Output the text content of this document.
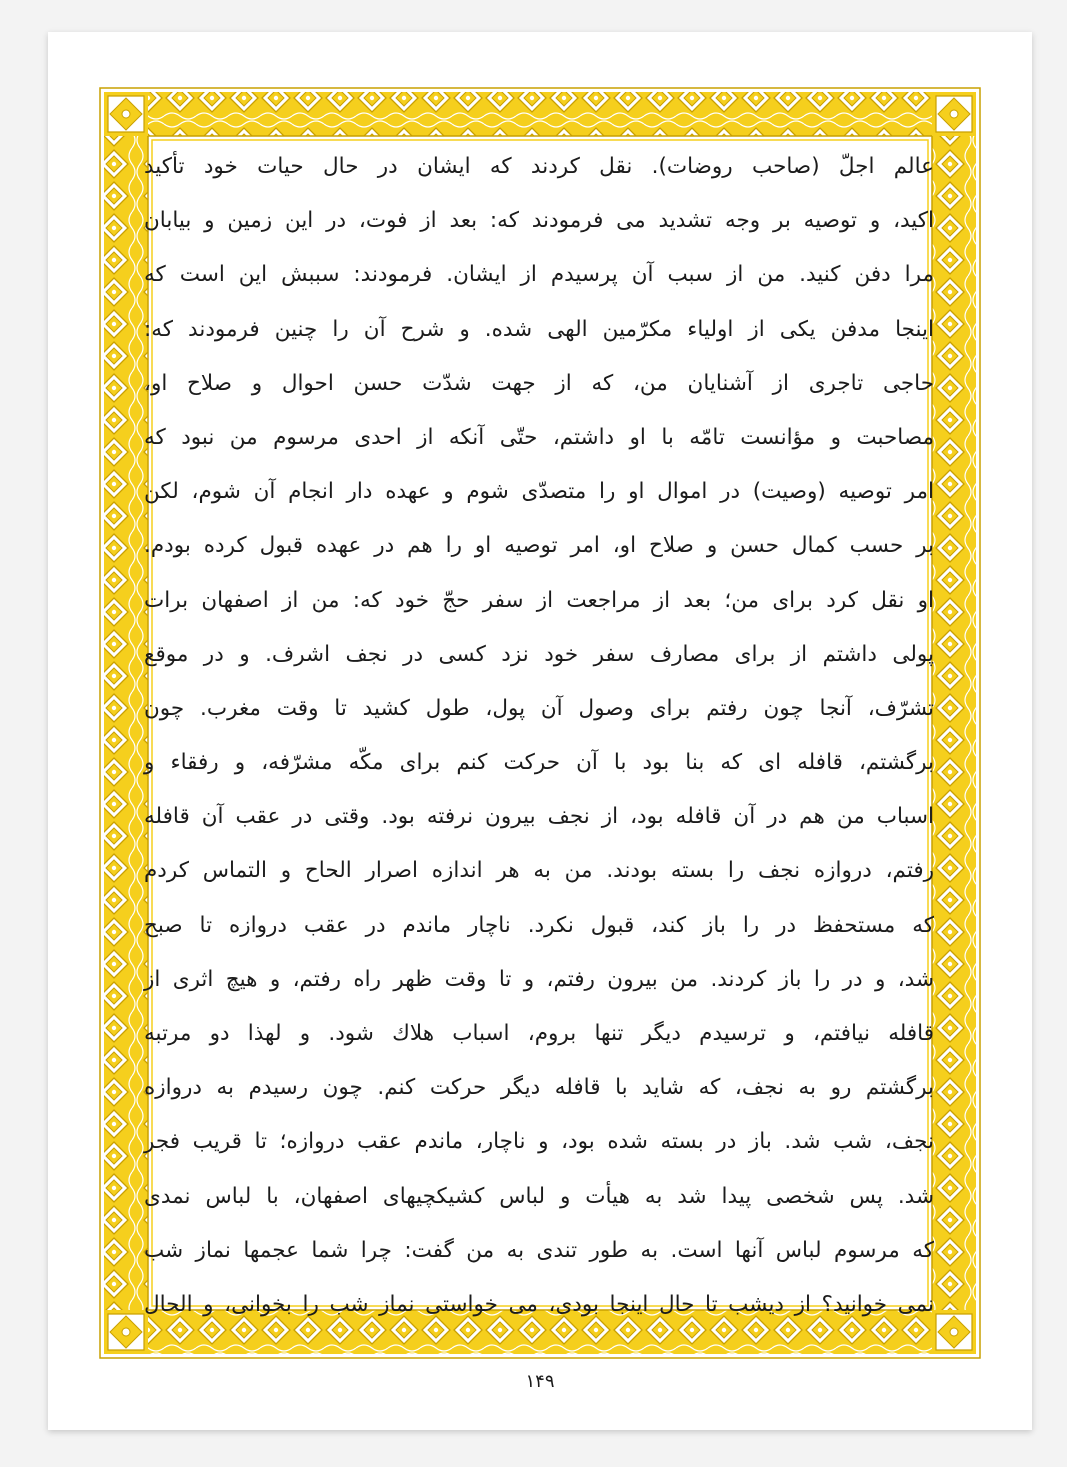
عالم اجلّ (صاحب روضات). نقل کردند که ایشان در حال حیات خود تأکید
اکید، و توصیه بر وجه تشدید می فرمودند که: بعد از فوت، در این زمین و بیابان
مرا دفن کنید. من از سبب آن پرسیدم از ایشان. فرمودند: سببش این است که
اینجا مدفن یکی از اولیاء مکرّمین الهی شده. و شرح آن را چنین فرمودند که:
حاجی تاجری از آشنایان من، که از جهت شدّت حسن احوال و صلاح او،
مصاحبت و مؤانست تامّه با او داشتم، حتّی آنکه از احدی مرسوم من نبود که
امر توصیه (وصیت) در اموال او را متصدّی شوم و عهده دار انجام آن شوم، لکن
بر حسب کمال حسن و صلاح او، امر توصیه او را هم در عهده قبول کرده بودم.
او نقل کرد برای من؛ بعد از مراجعت از سفر حجّ خود که: من از اصفهان برات
پولی داشتم از برای مصارف سفر خود نزد کسی در نجف اشرف. و در موقع
تشرّف، آنجا چون رفتم برای وصول آن پول، طول کشید تا وقت مغرب. چون
برگشتم، قافله ای که بنا بود با آن حرکت کنم برای مکّه مشرّفه، و رفقاء و
اسباب من هم در آن قافله بود، از نجف بیرون نرفته بود. وقتی در عقب آن قافله
رفتم، دروازه نجف را بسته بودند. من به هر اندازه اصرار الحاح و التماس کردم
که مستحفظ در را باز کند، قبول نکرد. ناچار ماندم در عقب دروازه تا صبح
شد، و در را باز کردند. من بیرون رفتم، و تا وقت ظهر راه رفتم، و هیچ اثری از
قافله نیافتم، و ترسیدم دیگر تنها بروم، اسباب هلاك شود. و لهذا دو مرتبه
برگشتم رو به نجف، که شاید با قافله دیگر حرکت کنم. چون رسیدم به دروازه
نجف، شب شد. باز در بسته شده بود، و ناچار، ماندم عقب دروازه؛ تا قریب فجر
شد. پس شخصی پیدا شد به هیأت و لباس کشیکچیهای اصفهان، با لباس نمدی
که مرسوم لباس آنها است. به طور تندی به من گفت: چرا شما عجمها نماز شب
نمی خوانید؟ از دیشب تا حال اینجا بودی، می خواستی نماز شب را بخوانی، و الحال
۱۴۹
